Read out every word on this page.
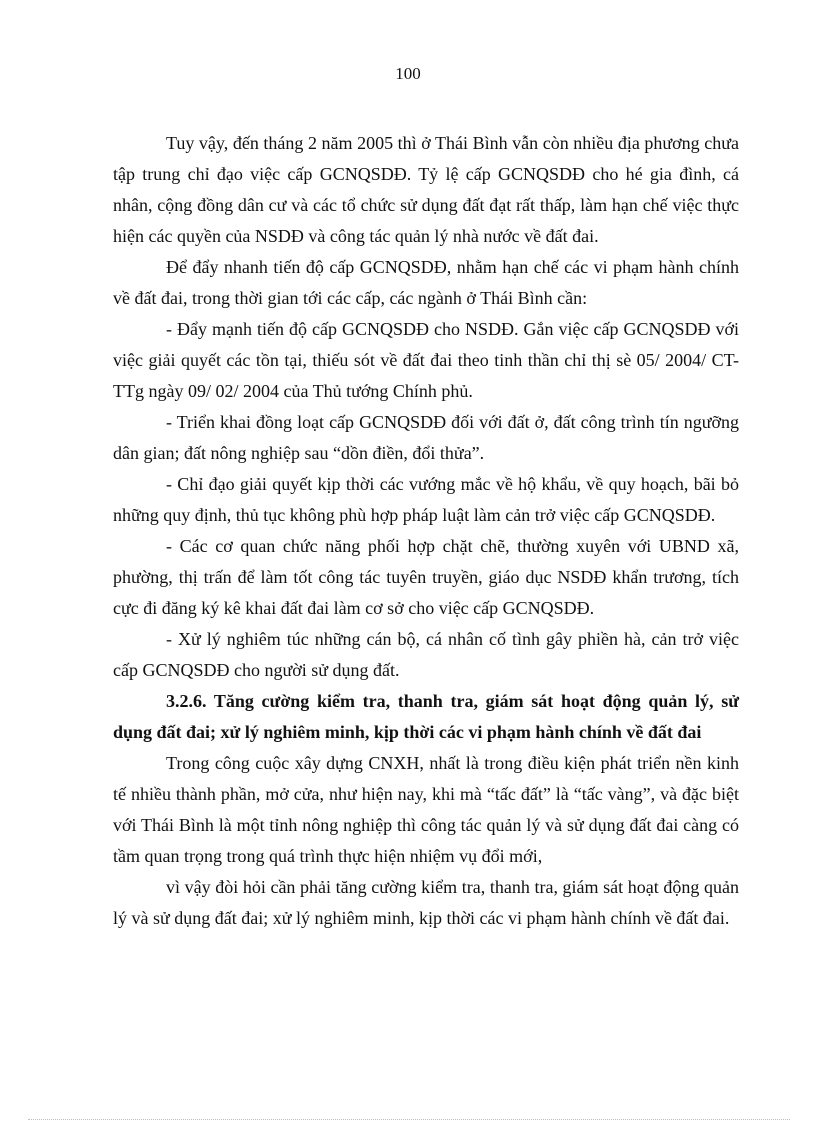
100

Tuy vậy, đến tháng 2 năm 2005 thì ở Thái Bình vẫn còn nhiều địa phương chưa tập trung chỉ đạo việc cấp GCNQSDĐ. Tỷ lệ cấp GCNQSDĐ cho hé gia đình, cá nhân, cộng đồng dân cư và các tổ chức sử dụng đất đạt rất thấp, làm hạn chế việc thực hiện các quyền của NSDĐ và công tác quản lý nhà nước về đất đai.

Để đẩy nhanh tiến độ cấp GCNQSDĐ, nhằm hạn chế các vi phạm hành chính về đất đai, trong thời gian tới các cấp, các ngành ở Thái Bình cần:

- Đẩy mạnh tiến độ cấp GCNQSDĐ cho NSDĐ. Gắn việc cấp GCNQSDĐ với việc giải quyết các tồn tại, thiếu sót về đất đai theo tinh thần chỉ thị sè 05/ 2004/ CT-TTg ngày 09/ 02/ 2004 của Thủ tướng Chính phủ.

- Triển khai đồng loạt cấp GCNQSDĐ đối với đất ở, đất công trình tín ngưỡng dân gian; đất nông nghiệp sau “dồn điền, đổi thửa”.

- Chỉ đạo giải quyết kịp thời các vướng mắc về hộ khẩu, về quy hoạch, bãi bỏ những quy định, thủ tục không phù hợp pháp luật làm cản trở việc cấp GCNQSDĐ.

- Các cơ quan chức năng phối hợp chặt chẽ, thường xuyên với UBND xã, phường, thị trấn để làm tốt công tác tuyên truyền, giáo dục NSDĐ khẩn trương, tích cực đi đăng ký kê khai đất đai làm cơ sở cho việc cấp GCNQSDĐ.

- Xử lý nghiêm túc những cán bộ, cá nhân cố tình gây phiền hà, cản trở việc cấp GCNQSDĐ cho người sử dụng đất.

3.2.6. Tăng cường kiểm tra, thanh tra, giám sát hoạt động quản lý, sử dụng đất đai; xử lý nghiêm minh, kịp thời các vi phạm hành chính về đất đai

Trong công cuộc xây dựng CNXH, nhất là trong điều kiện phát triển nền kinh tế nhiều thành phần, mở cửa, như hiện nay, khi mà “tấc đất” là “tấc vàng”, và đặc biệt với Thái Bình là một tỉnh nông nghiệp thì công tác quản lý và sử dụng đất đai càng có tầm quan trọng trong quá trình thực hiện nhiệm vụ đổi mới,

vì vậy đòi hỏi cần phải tăng cường kiểm tra, thanh tra, giám sát hoạt động quản lý và sử dụng đất đai; xử lý nghiêm minh, kịp thời các vi phạm hành chính về đất đai.
